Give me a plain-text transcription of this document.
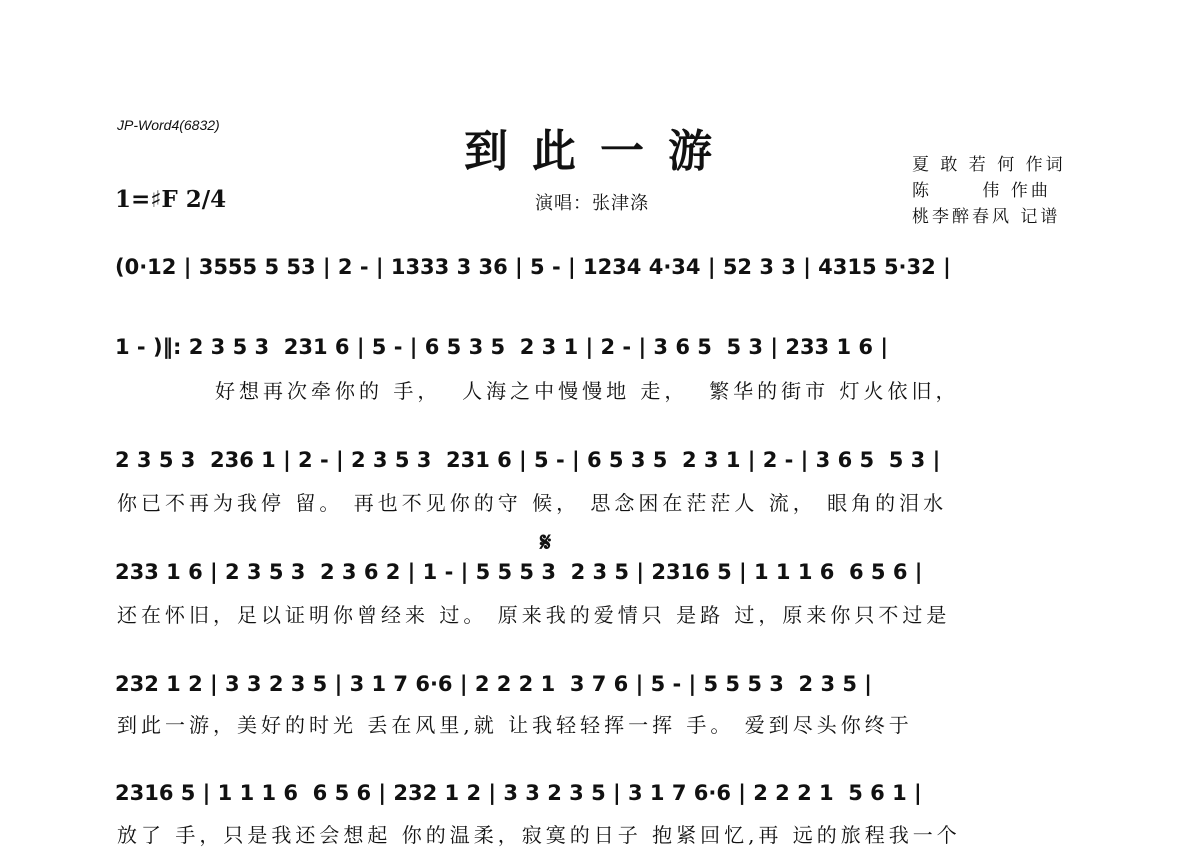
JP-Word4(6832)
到此一游	夏 敢 若 何 作词
陈      伟 作曲
桃李醉春风 记谱
1=♯F 2/4	演唱：张津涤
𝄋
(0·12 | 3555 5 53 | 2 - | 1333 3 36 | 5 - | 1234 4·34 | 52 3 3 | 4315 5·32 |
1 - )‖: 2 3 5 3  231 6 | 5 - | 6 5 3 5  2 3 1 | 2 - | 3 6 5  5 3 | 233 1 6 |
好想再次牵你的 手，  人海之中慢慢地 走，  繁华的街市 灯火依旧，
2 3 5 3  236 1 | 2 - | 2 3 5 3  231 6 | 5 - | 6 5 3 5  2 3 1 | 2 - | 3 6 5  5 3 |
你已不再为我停 留。 再也不见你的守 候， 思念困在茫茫人 流， 眼角的泪水
233 1 6 | 2 3 5 3  2 3 6 2 | 1 - | 5 5 5 3  2 3 5 | 2316 5 | 1 1 1 6  6 5 6 |
还在怀旧，足以证明你曾经来 过。 原来我的爱情只 是路 过，原来你只不过是
232 1 2 | 3 3 2 3 5 | 3 1 7 6·6 | 2 2 2 1  3 7 6 | 5 - | 5 5 5 3  2 3 5 |
到此一游，美好的时光 丢在风里,就 让我轻轻挥一挥 手。 爱到尽头你终于
2316 5 | 1 1 1 6  6 5 6 | 232 1 2 | 3 3 2 3 5 | 3 1 7 6·6 | 2 2 2 1  5 6 1 |
放了 手，只是我还会想起 你的温柔，寂寞的日子 抱紧回忆,再 远的旅程我一个
